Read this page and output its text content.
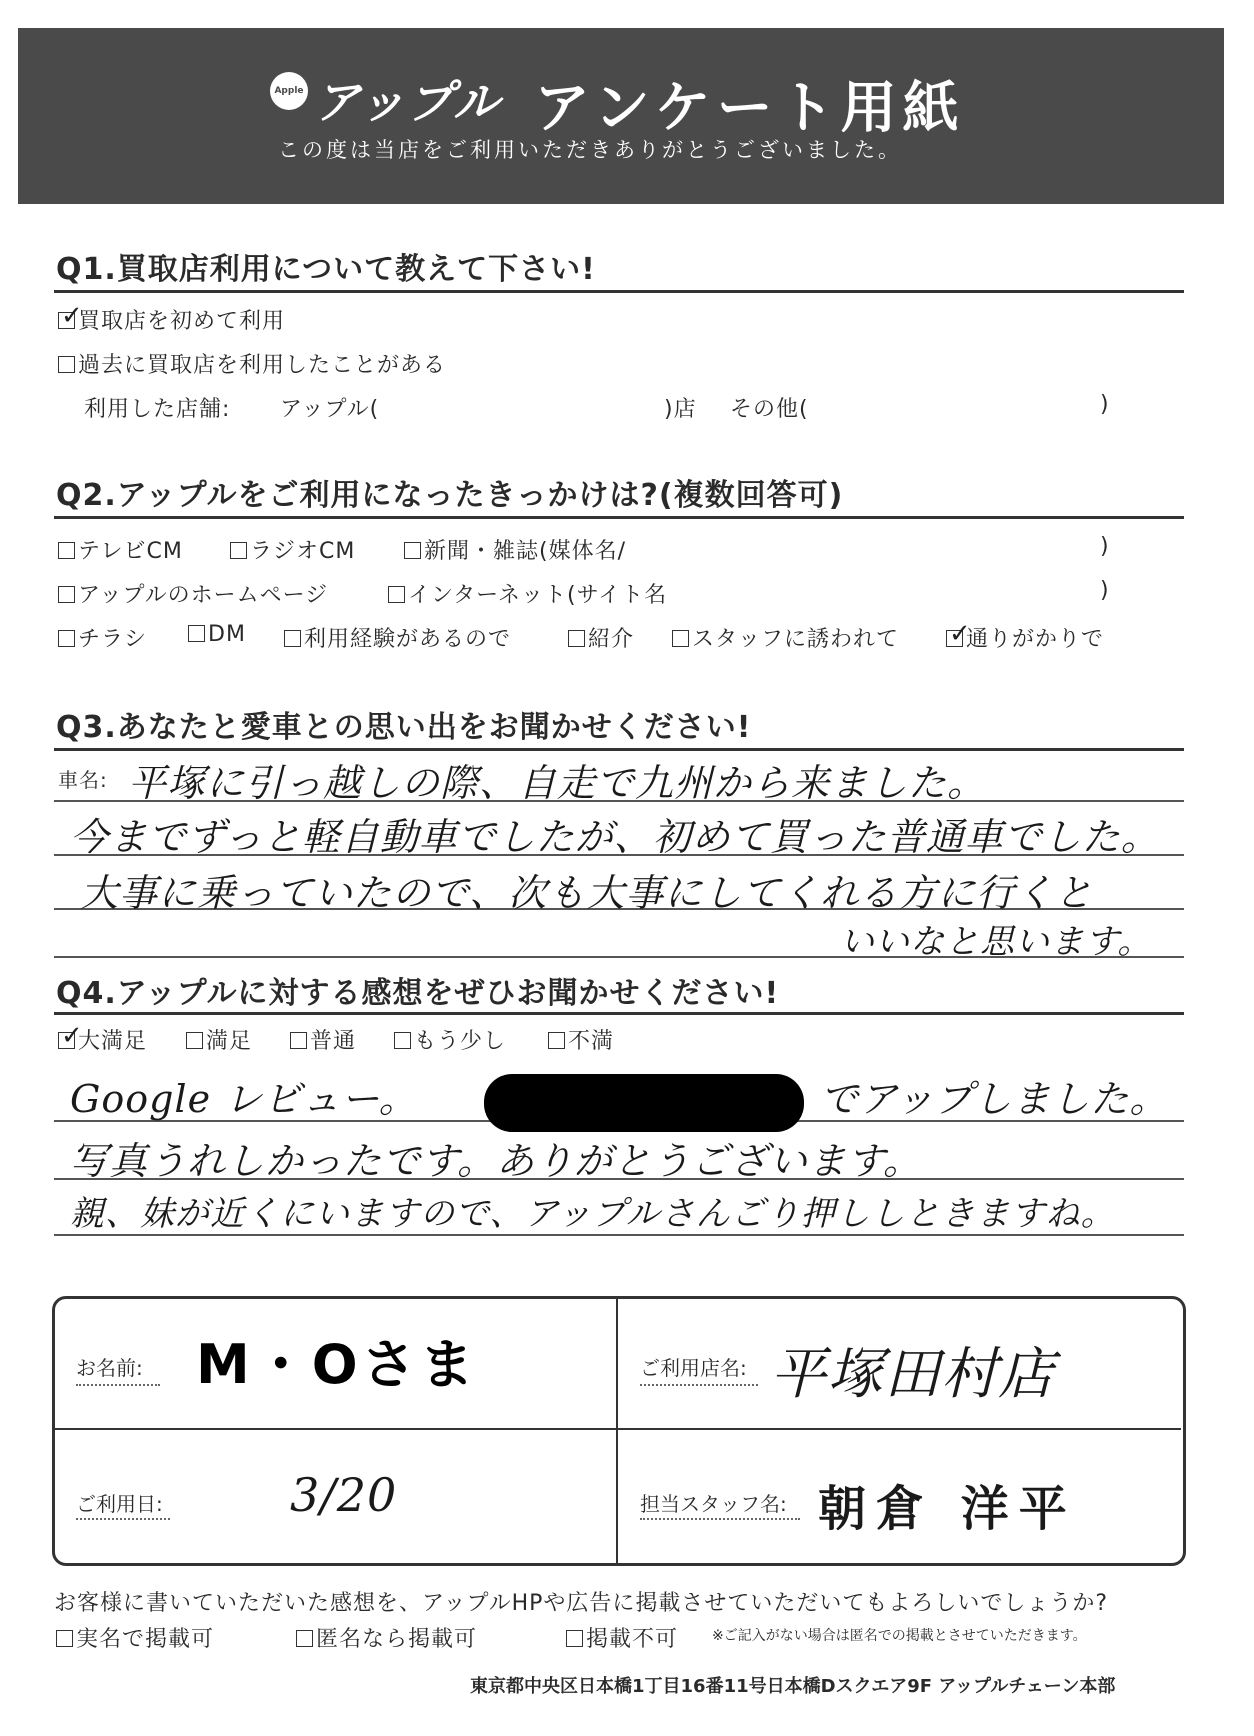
Apple アップル アンケート用紙
この度は当店をご利用いただきありがとうございました。
Q1.買取店利用について教えて下さい!
✓
買取店を初めて利用
過去に買取店を利用したことがある
利用した店舗: アップル(	)店 その他(	)
Q2.アップルをご利用になったきっかけは?(複数回答可)
テレビCM	ラジオCM	新聞・雑誌(媒体名/	)
アップルのホームページ	インターネット(サイト名	)
チラシ	DM	利用経験があるので	紹介	スタッフに誘われて ✓
通りがかりで
Q3.あなたと愛車との思い出をお聞かせください!
車名: 平塚に引っ越しの際、自走で九州から来ました。
今までずっと軽自動車でしたが、初めて買った普通車でした。
大事に乗っていたので、次も大事にしてくれる方に行くと
いいなと思います。
Q4.アップルに対する感想をぜひお聞かせください!
✓
大満足	満足	普通	もう少し	不満
Google レビュー。	でアップしました。
写真うれしかったです。ありがとうございます。
親、妹が近くにいますので、アップルさんごり押ししときますね。
お名前: M・Oさま	ご利用店名: 平塚田村店
ご利用日:	3/20	担当スタッフ名: 朝倉 洋平
お客様に書いていただいた感想を、アップルHPや広告に掲載させていただいてもよろしいでしょうか?
実名で掲載可	匿名なら掲載可	掲載不可 ※ご記入がない場合は匿名での掲載とさせていただきます。
東京都中央区日本橋1丁目16番11号日本橋Dスクエア9F アップルチェーン本部
